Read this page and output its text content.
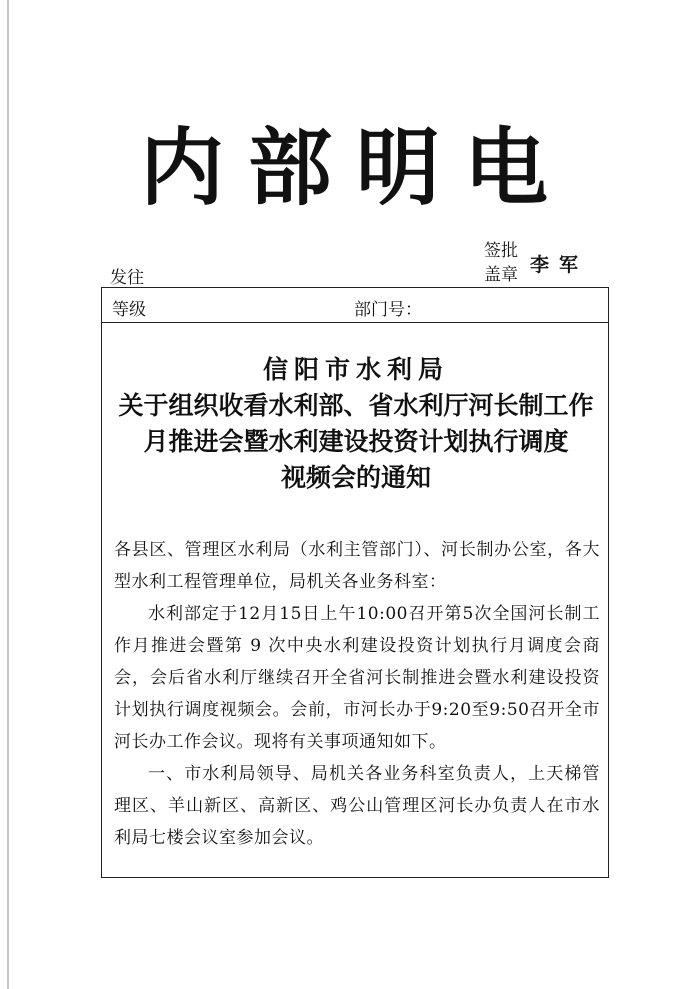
内部明电
签批
盖章 李军
发往
等级	部门号：
信阳市水利局
关于组织收看水利部、省水利厅河长制工作
月推进会暨水利建设投资计划执行调度
视频会的通知

各县区、管理区水利局（水利主管部门）、河长制办公室，各大型水利工程管理单位，局机关各业务科室：

水利部定于12月15日上午10:00召开第5次全国河长制工作月推进会暨第 9 次中央水利建设投资计划执行月调度会商会，会后省水利厅继续召开全省河长制推进会暨水利建设投资计划执行调度视频会。会前，市河长办于9:20至9:50召开全市河长办工作会议。现将有关事项通知如下。

一、市水利局领导、局机关各业务科室负责人，上天梯管理区、羊山新区、高新区、鸡公山管理区河长办负责人在市水利局七楼会议室参加会议。
